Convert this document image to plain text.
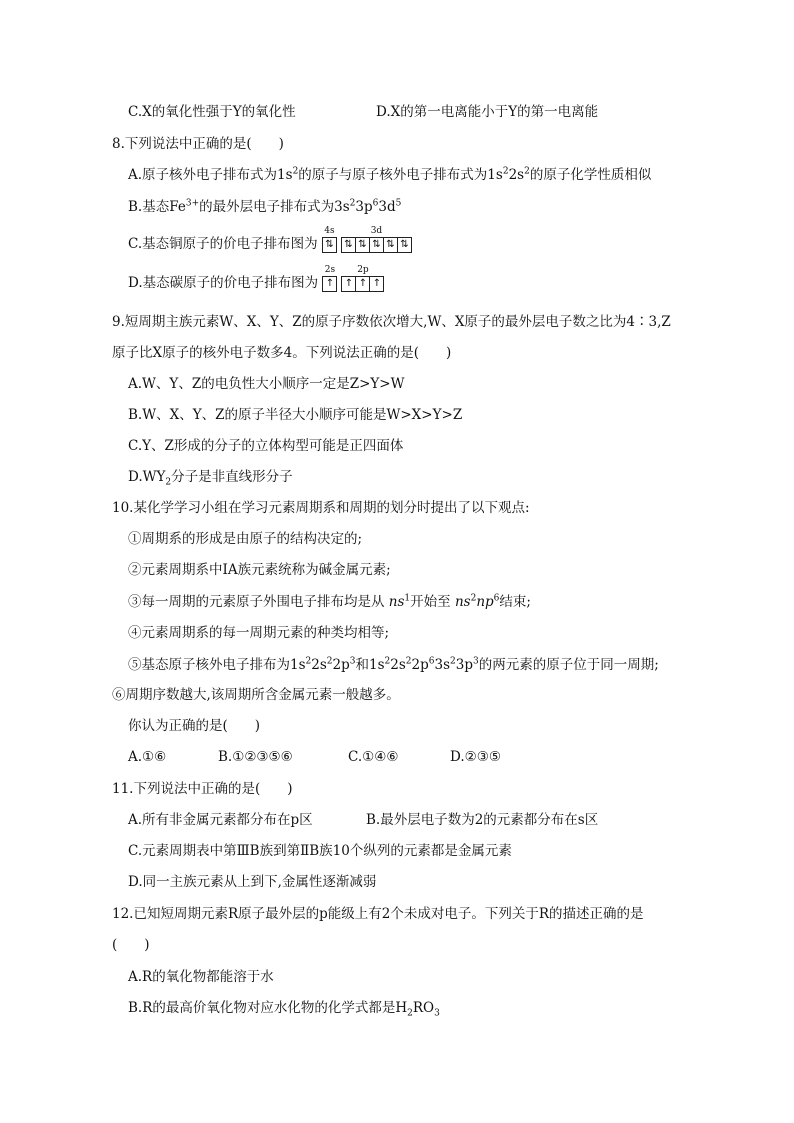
C.X的氧化性强于Y的氧化性	D.X的第一电离能小于Y的第一电离能
8.下列说法中正确的是(　　)
A.原子核外电子排布式为$1s^2$的原子与原子核外电子排布式为$1s^22s^2$的原子化学性质相似
B.基态$Fe^{3+}$的最外层电子排布式为$3s^23p^63d^5$
C.基态铜原子的价电子排布图为
4s
⇅
3d
⇅ ⇅ ⇅ ⇅ ⇅
D.基态碳原子的价电子排布图为
2s
↑
2p
↑ ↑ ↑
9.短周期主族元素W、X、Y、Z的原子序数依次增大,W、X原子的最外层电子数之比为4∶3,Z
原子比X原子的核外电子数多4。下列说法正确的是(　　)
A.W、Y、Z的电负性大小顺序一定是Z>Y>W
B.W、X、Y、Z的原子半径大小顺序可能是W>X>Y>Z
C.Y、Z形成的分子的立体构型可能是正四面体
$D.WY_2$分子是非直线形分子
10.某化学学习小组在学习元素周期系和周期的划分时提出了以下观点:
①周期系的形成是由原子的结构决定的;
②元素周期系中ⅠA族元素统称为碱金属元素;
③每一周期的元素原子外围电子排布均是从 $ns^1$开始至 $ns^2np^6$结束;
④元素周期系的每一周期元素的种类均相等;
⑤基态原子核外电子排布为$1s^22s^22p^3$和$1s^22s^22p^63s^23p^3$的两元素的原子位于同一周期;
⑥周期序数越大,该周期所含金属元素一般越多。
你认为正确的是(　　)
A.①⑥	B.①②③⑤⑥	C.①④⑥	D.②③⑤
11.下列说法中正确的是(　　)
A.所有非金属元素都分布在p区	B.最外层电子数为2的元素都分布在s区
C.元素周期表中第ⅢB族到第ⅡB族10个纵列的元素都是金属元素
D.同一主族元素从上到下,金属性逐渐减弱
12.已知短周期元素R原子最外层的p能级上有2个未成对电子。下列关于R的描述正确的是
(　　)
A.R的氧化物都能溶于水
B.R的最高价氧化物对应水化物的化学式都是$H_2RO_3$
